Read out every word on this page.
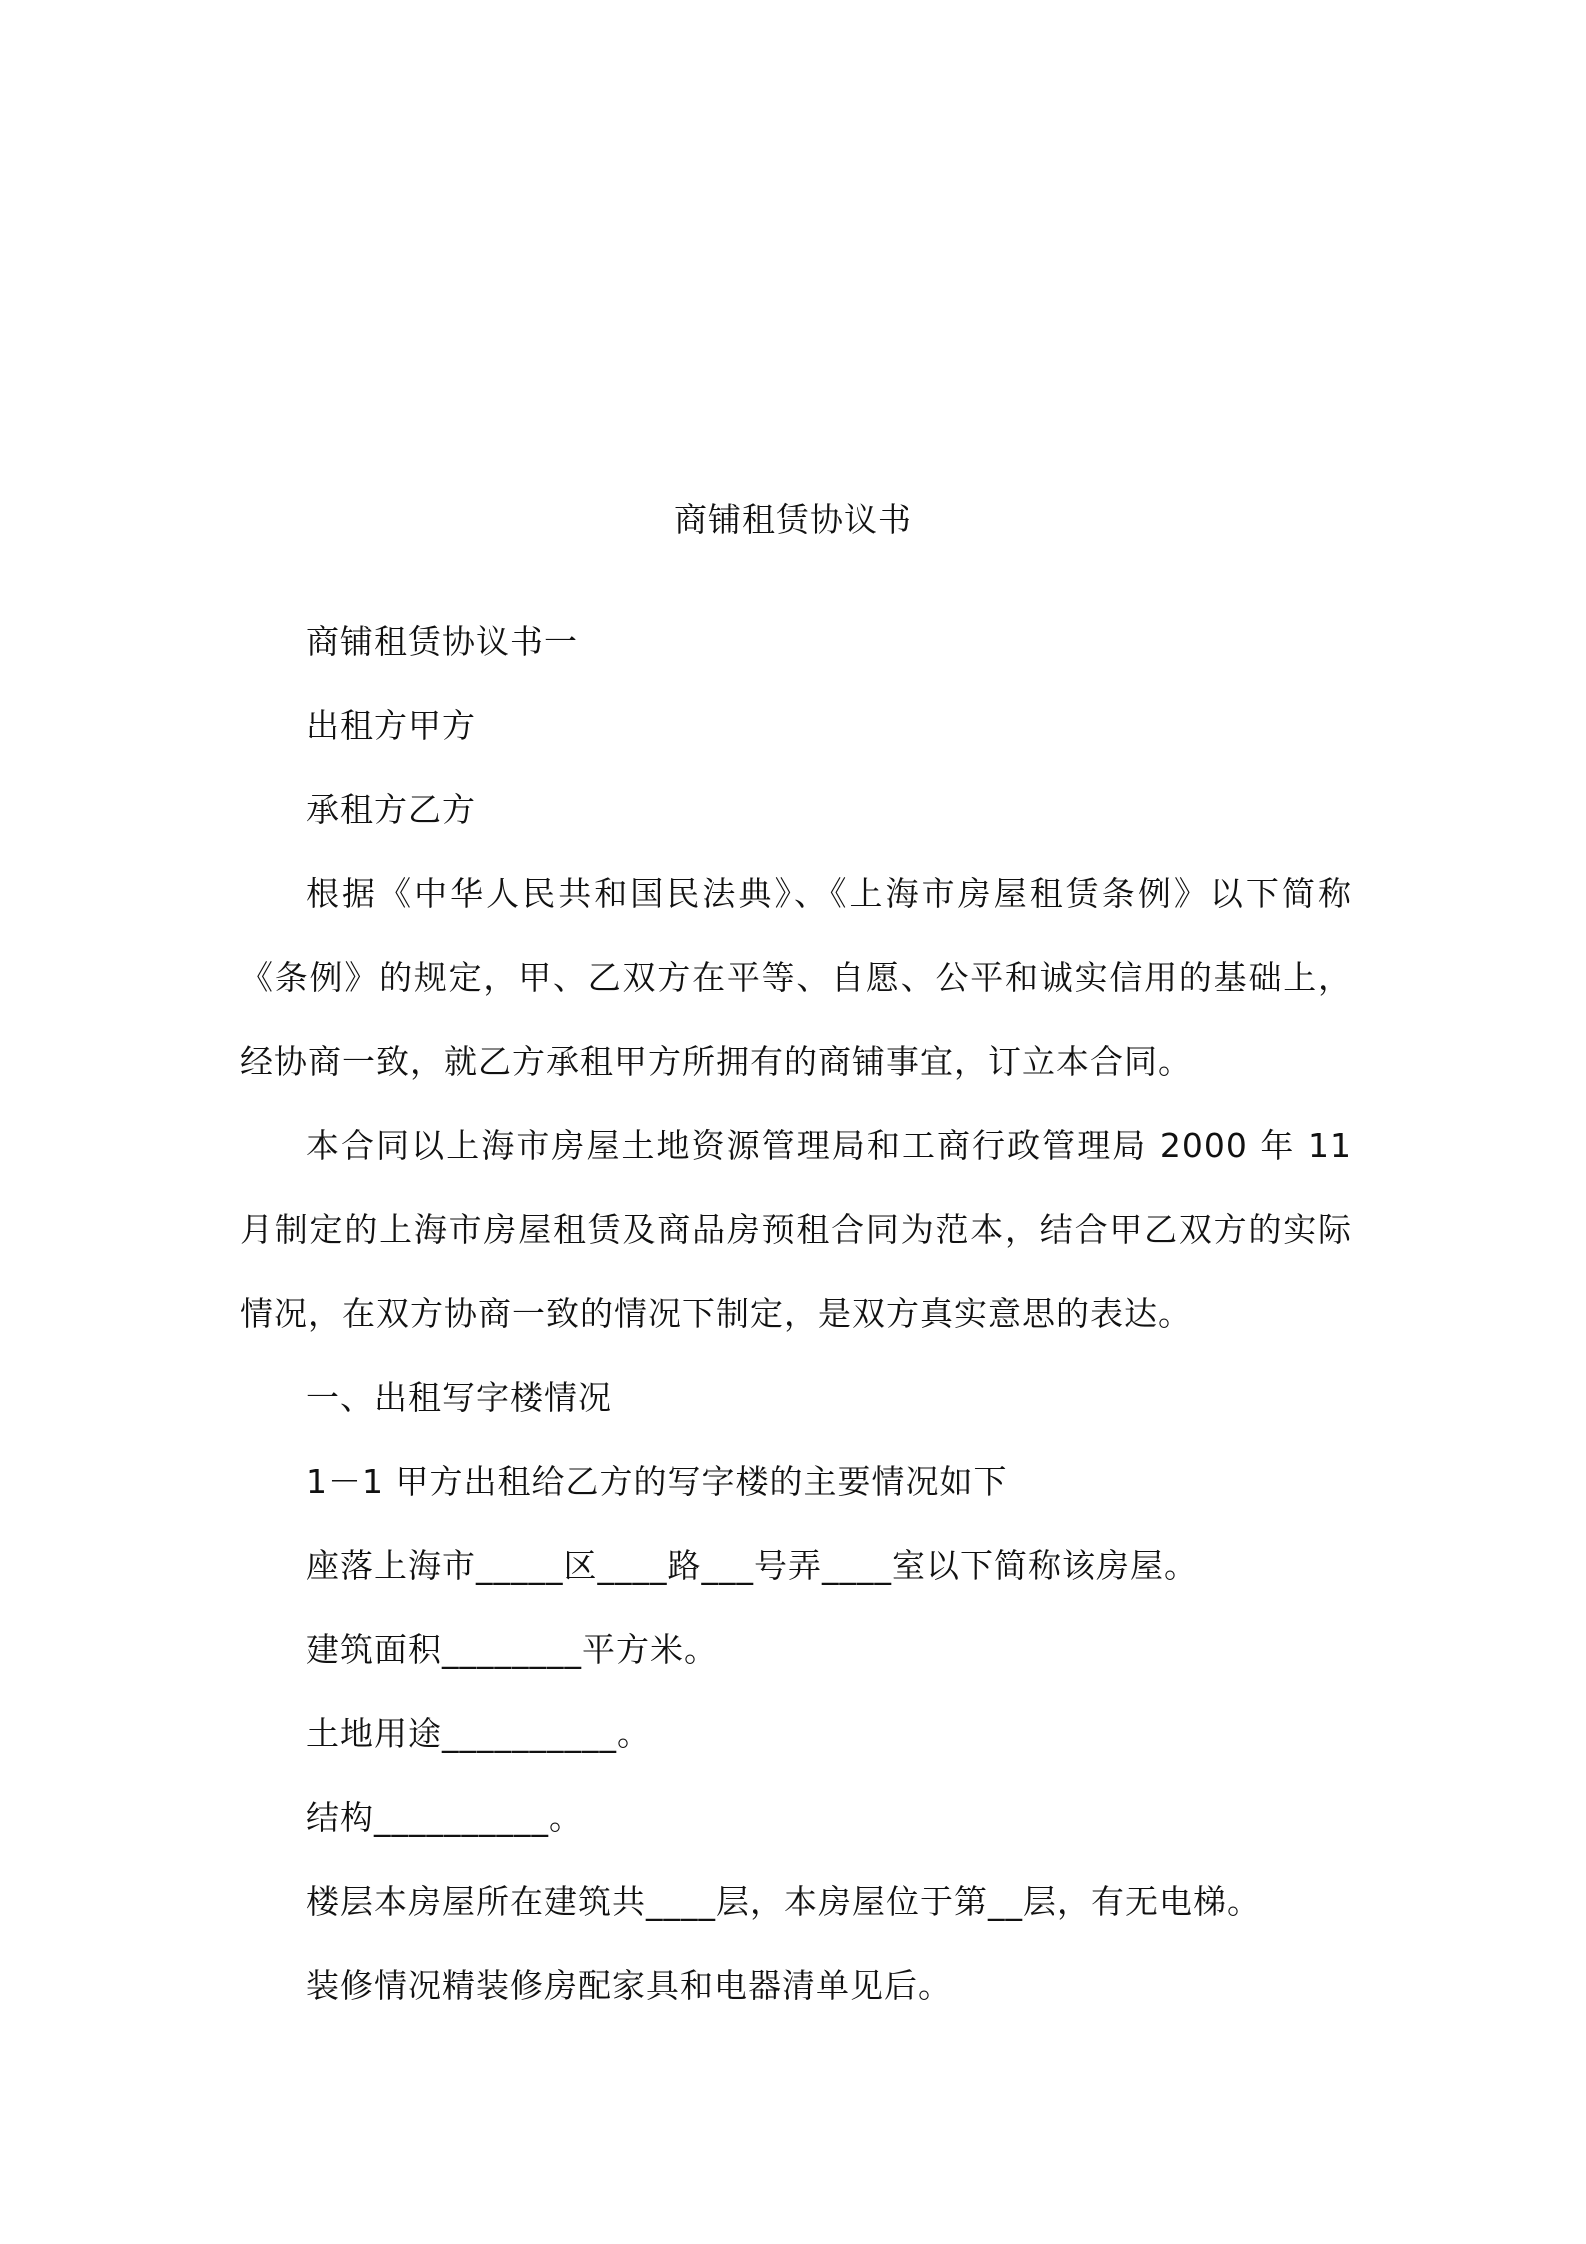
商铺租赁协议书

商铺租赁协议书一

出租方甲方

承租方乙方

根据《中华人民共和国民法典》、《上海市房屋租赁条例》以下简称《条例》的规定，甲、乙双方在平等、自愿、公平和诚实信用的基础上，经协商一致，就乙方承租甲方所拥有的商铺事宜，订立本合同。

本合同以上海市房屋土地资源管理局和工商行政管理局 2000 年 11 月制定的上海市房屋租赁及商品房预租合同为范本，结合甲乙双方的实际情况，在双方协商一致的情况下制定，是双方真实意思的表达。

一、出租写字楼情况

1－1 甲方出租给乙方的写字楼的主要情况如下

座落上海市_____区____路___号弄____室以下简称该房屋。

建筑面积________平方米。

土地用途__________。

结构__________。

楼层本房屋所在建筑共____层，本房屋位于第__层，有无电梯。

装修情况精装修房配家具和电器清单见后。
